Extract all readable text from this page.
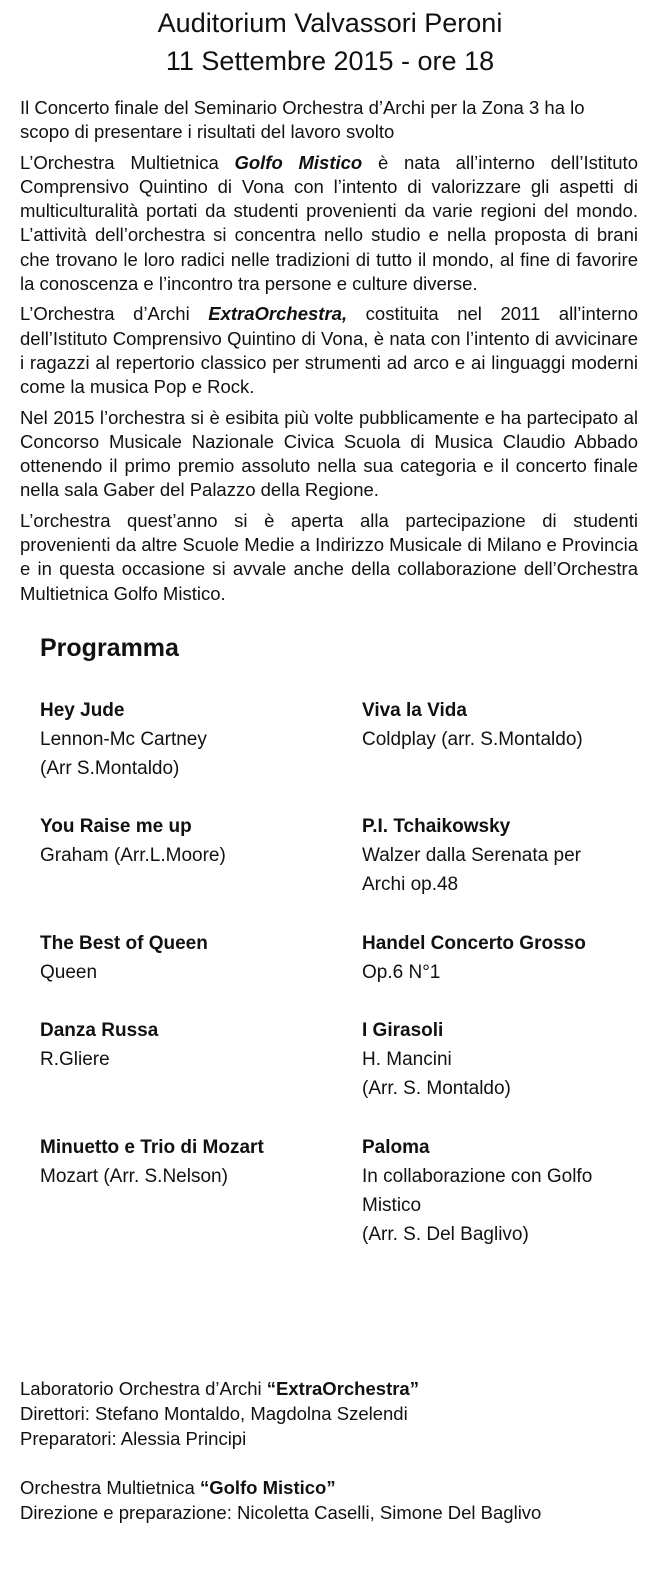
Auditorium Valvassori Peroni

11 Settembre 2015 - ore 18

Il Concerto finale del Seminario Orchestra d’Archi per la Zona 3 ha lo scopo di presentare i risultati del lavoro svolto

L’Orchestra Multietnica Golfo Mistico è nata all’interno dell’Istituto Comprensivo Quintino di Vona con l’intento di valorizzare gli aspetti di multiculturalità portati da studenti provenienti da varie regioni del mondo. L’attività dell’orchestra si concentra nello studio e nella proposta di brani che trovano le loro radici nelle tradizioni di tutto il mondo, al fine di favorire la conoscenza e l’incontro tra persone e culture diverse.

L’Orchestra d’Archi ExtraOrchestra, costituita nel 2011 all’interno dell’Istituto Comprensivo Quintino di Vona, è nata con l’intento di avvicinare i ragazzi al repertorio classico per strumenti ad arco e ai linguaggi moderni come la musica Pop e Rock.

Nel 2015 l’orchestra si è esibita più volte pubblicamente e ha partecipato al Concorso Musicale Nazionale Civica Scuola di Musica Claudio Abbado ottenendo il primo premio assoluto nella sua categoria e il concerto finale nella sala Gaber del Palazzo della Regione.

L’orchestra quest’anno si è aperta alla partecipazione di studenti provenienti da altre Scuole Medie a Indirizzo Musicale di Milano e Provincia e in questa occasione si avvale anche della collaborazione dell’Orchestra Multietnica Golfo Mistico.

Programma
Hey Jude
Lennon-Mc Cartney
(Arr S.Montaldo)
You Raise me up
Graham (Arr.L.Moore)
The Best of Queen
Queen
Danza Russa
R.Gliere
Minuetto e Trio di Mozart
Mozart (Arr. S.Nelson)
Viva la Vida
Coldplay (arr. S.Montaldo)
P.I. Tchaikowsky
Walzer dalla Serenata per
Archi op.48
Handel Concerto Grosso
Op.6 N°1
I Girasoli
H. Mancini
(Arr. S. Montaldo)
Paloma
In collaborazione con Golfo
Mistico
(Arr. S. Del Baglivo)
Laboratorio Orchestra d’Archi “ExtraOrchestra”
Direttori: Stefano Montaldo, Magdolna Szelendi
Preparatori: Alessia Principi
Orchestra Multietnica “Golfo Mistico”
Direzione e preparazione: Nicoletta Caselli, Simone Del Baglivo
